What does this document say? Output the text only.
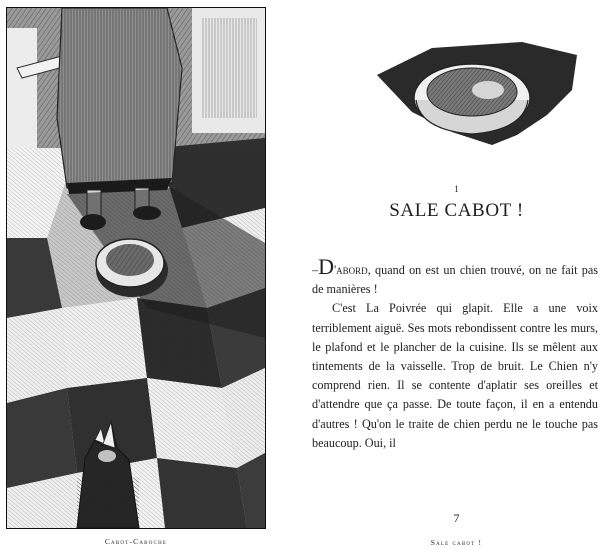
Cabot-Caboche
1
SALE CABOT !

–D'abord, quand on est un chien trouvé, on ne fait pas de manières !

C'est La Poivrée qui glapit. Elle a une voix terriblement aiguë. Ses mots rebondissent contre les murs, le plafond et le plancher de la cuisine. Ils se mêlent aux tintements de la vaisselle. Trop de bruit. Le Chien n'y comprend rien. Il se contente d'aplatir ses oreilles et d'attendre que ça passe. De toute façon, il en a entendu d'autres ! Qu'on le traite de chien perdu ne le touche pas beaucoup. Oui, il

7
Sale cabot !
